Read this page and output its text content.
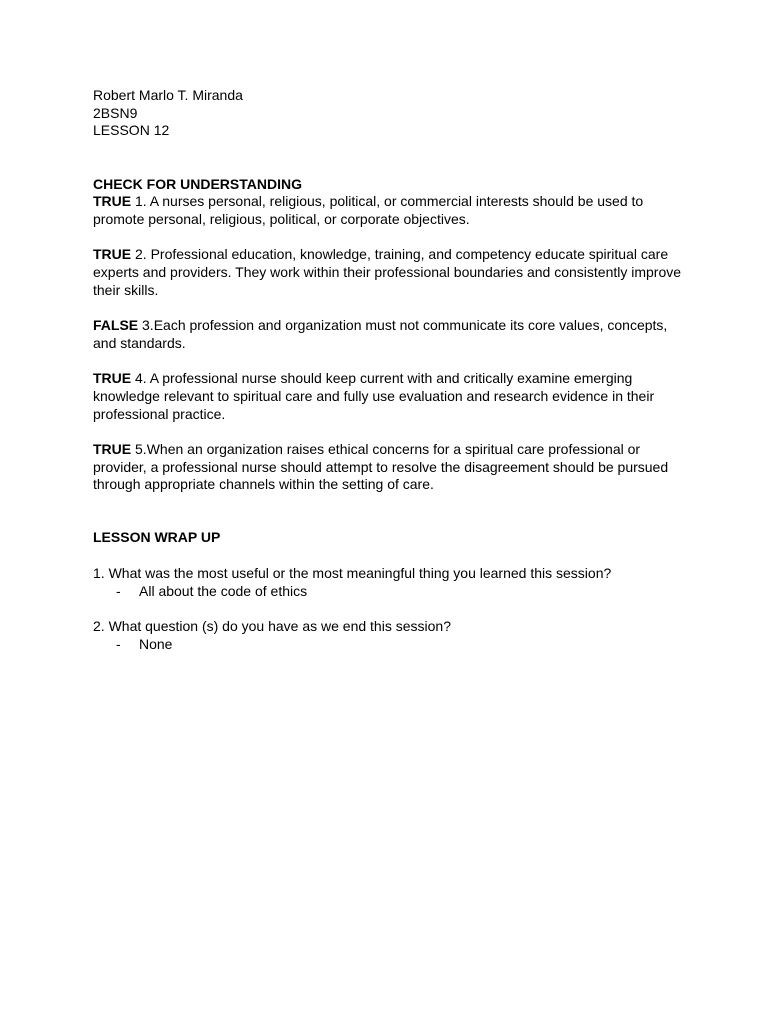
Robert Marlo T. Miranda

2BSN9

LESSON 12

CHECK FOR UNDERSTANDING

TRUE 1. A nurses personal, religious, political, or commercial interests should be used to promote personal, religious, political, or corporate objectives.

TRUE 2. Professional education, knowledge, training, and competency educate spiritual care experts and providers. They work within their professional boundaries and consistently improve their skills.

FALSE 3.Each profession and organization must not communicate its core values, concepts, and standards.

TRUE 4. A professional nurse should keep current with and critically examine emerging knowledge relevant to spiritual care and fully use evaluation and research evidence in their professional practice.

TRUE 5.When an organization raises ethical concerns for a spiritual care professional or provider, a professional nurse should attempt to resolve the disagreement should be pursued through appropriate channels within the setting of care.

LESSON WRAP UP

1. What was the most useful or the most meaningful thing you learned this session?

- All about the code of ethics

2. What question (s) do you have as we end this session?

- None
